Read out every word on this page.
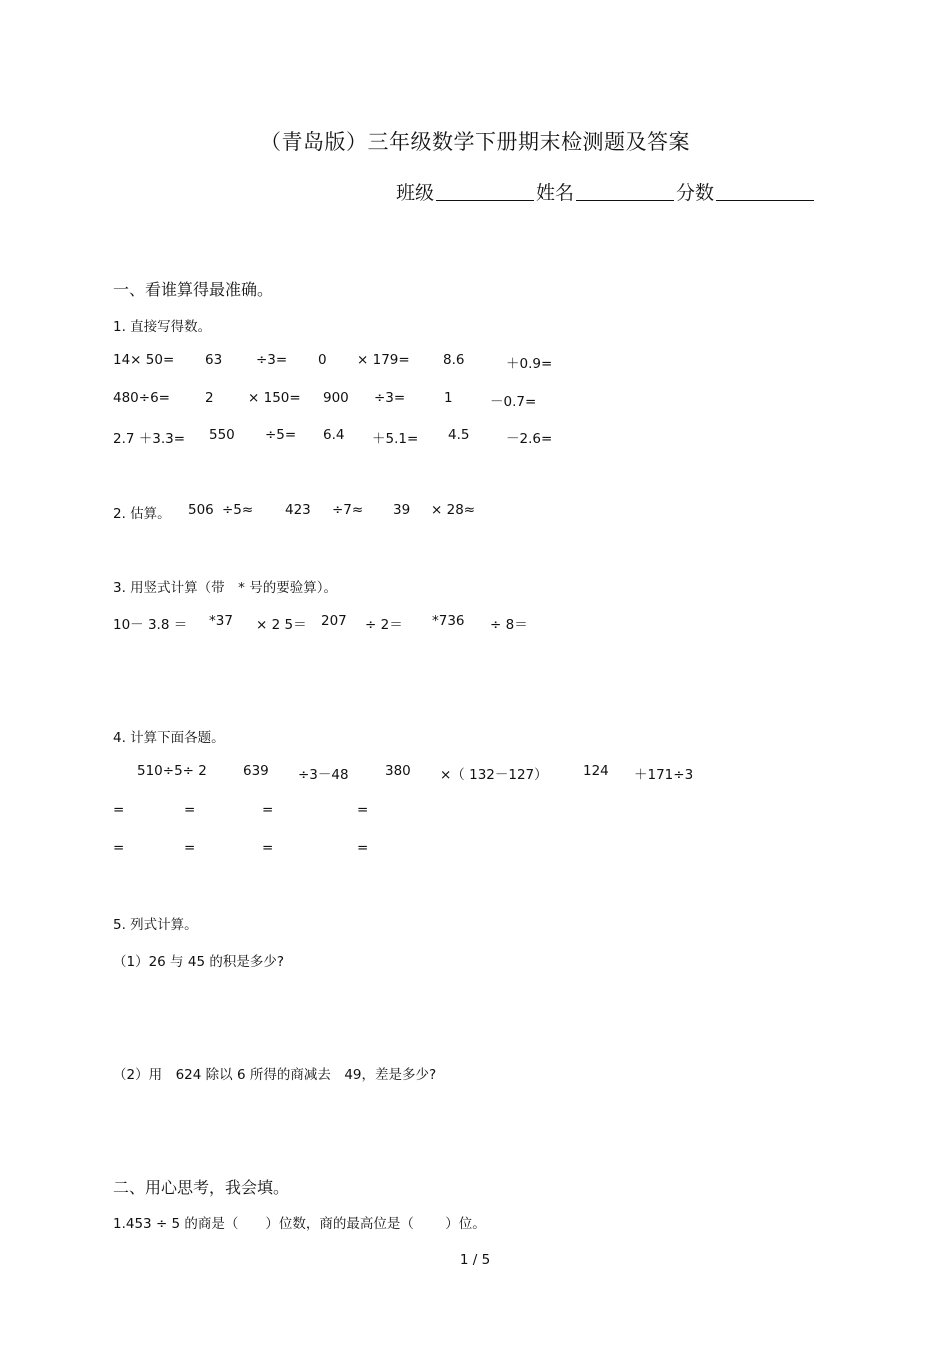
（青岛版）三年级数学下册期末检测题及答案
班级	姓名	分数
一、看谁算得最准确。
1. 直接写得数。
14× 50= 63	÷3= 0 × 179= 8.6	＋0.9=
480÷6=	2	× 150= 900 ÷3=	1	－0.7=
2.7 ＋3.3= 550 ÷5= 6.4 ＋5.1= 4.5	－2.6=
2. 估算。 506 ÷5≈ 423 ÷7≈ 39 × 28≈
3. 用竖式计算（带　* 号的要验算）。
10－ 3.8 ＝ *37 × 2 5＝ 207 ÷ 2＝ *736 ÷ 8＝
4. 计算下面各题。
510÷5÷ 2	639 ÷3－48	380 ×（ 132－127）	124 ＋171÷3
=	=	=	=
=	=	=	=
5. 列式计算。
（1）26 与 45 的积是多少?
（2）用　624 除以 6 所得的商减去　49，差是多少?
二、用心思考，我会填。
1.453 ÷ 5 的商是（　　）位数，商的最高位是（　　 ）位。
1 / 5
